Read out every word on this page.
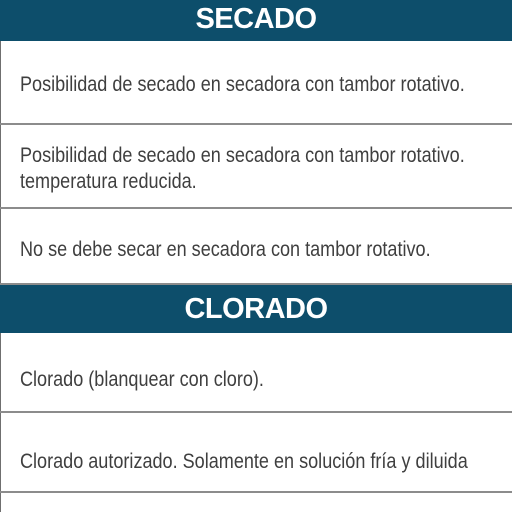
SECADO
Posibilidad de secado en secadora con tambor rotativo.
Posibilidad de secado en secadora con tambor rotativo.
temperatura reducida.
No se debe secar en secadora con tambor rotativo.
CLORADO
Clorado (blanquear con cloro).
Clorado autorizado. Solamente en solución fría y diluida
